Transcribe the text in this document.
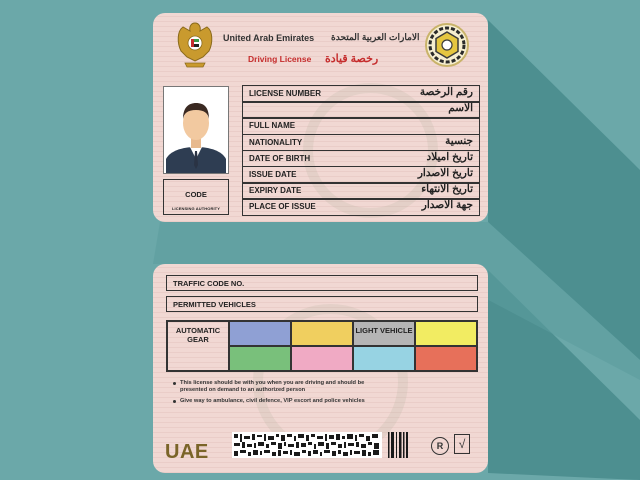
United Arab Emirates الامارات العربية المتحدة
Driving License رخصة قيادة
CODE
LICENSING AUTHORITY
LICENSE NUMBER	رقم الرخصة
الاسم
FULL NAME
NATIONALITY	جنسية
DATE OF BIRTH	تاريخ اميلاد
ISSUE DATE	تاريخ الاصدار
EXPIRY DATE	تاريخ الانتهاء
PLACE OF ISSUE	جهة الاصدار
TRAFFIC CODE NO.
PERMITTED VEHICLES
AUTOMATIC GEAR
LIGHT VEHICLE
This license should be with you when you are driving and should be presented on demand to an authorized person
Give way to ambulance, civil defence, VIP escort and police vehicles
UAE	R	√
